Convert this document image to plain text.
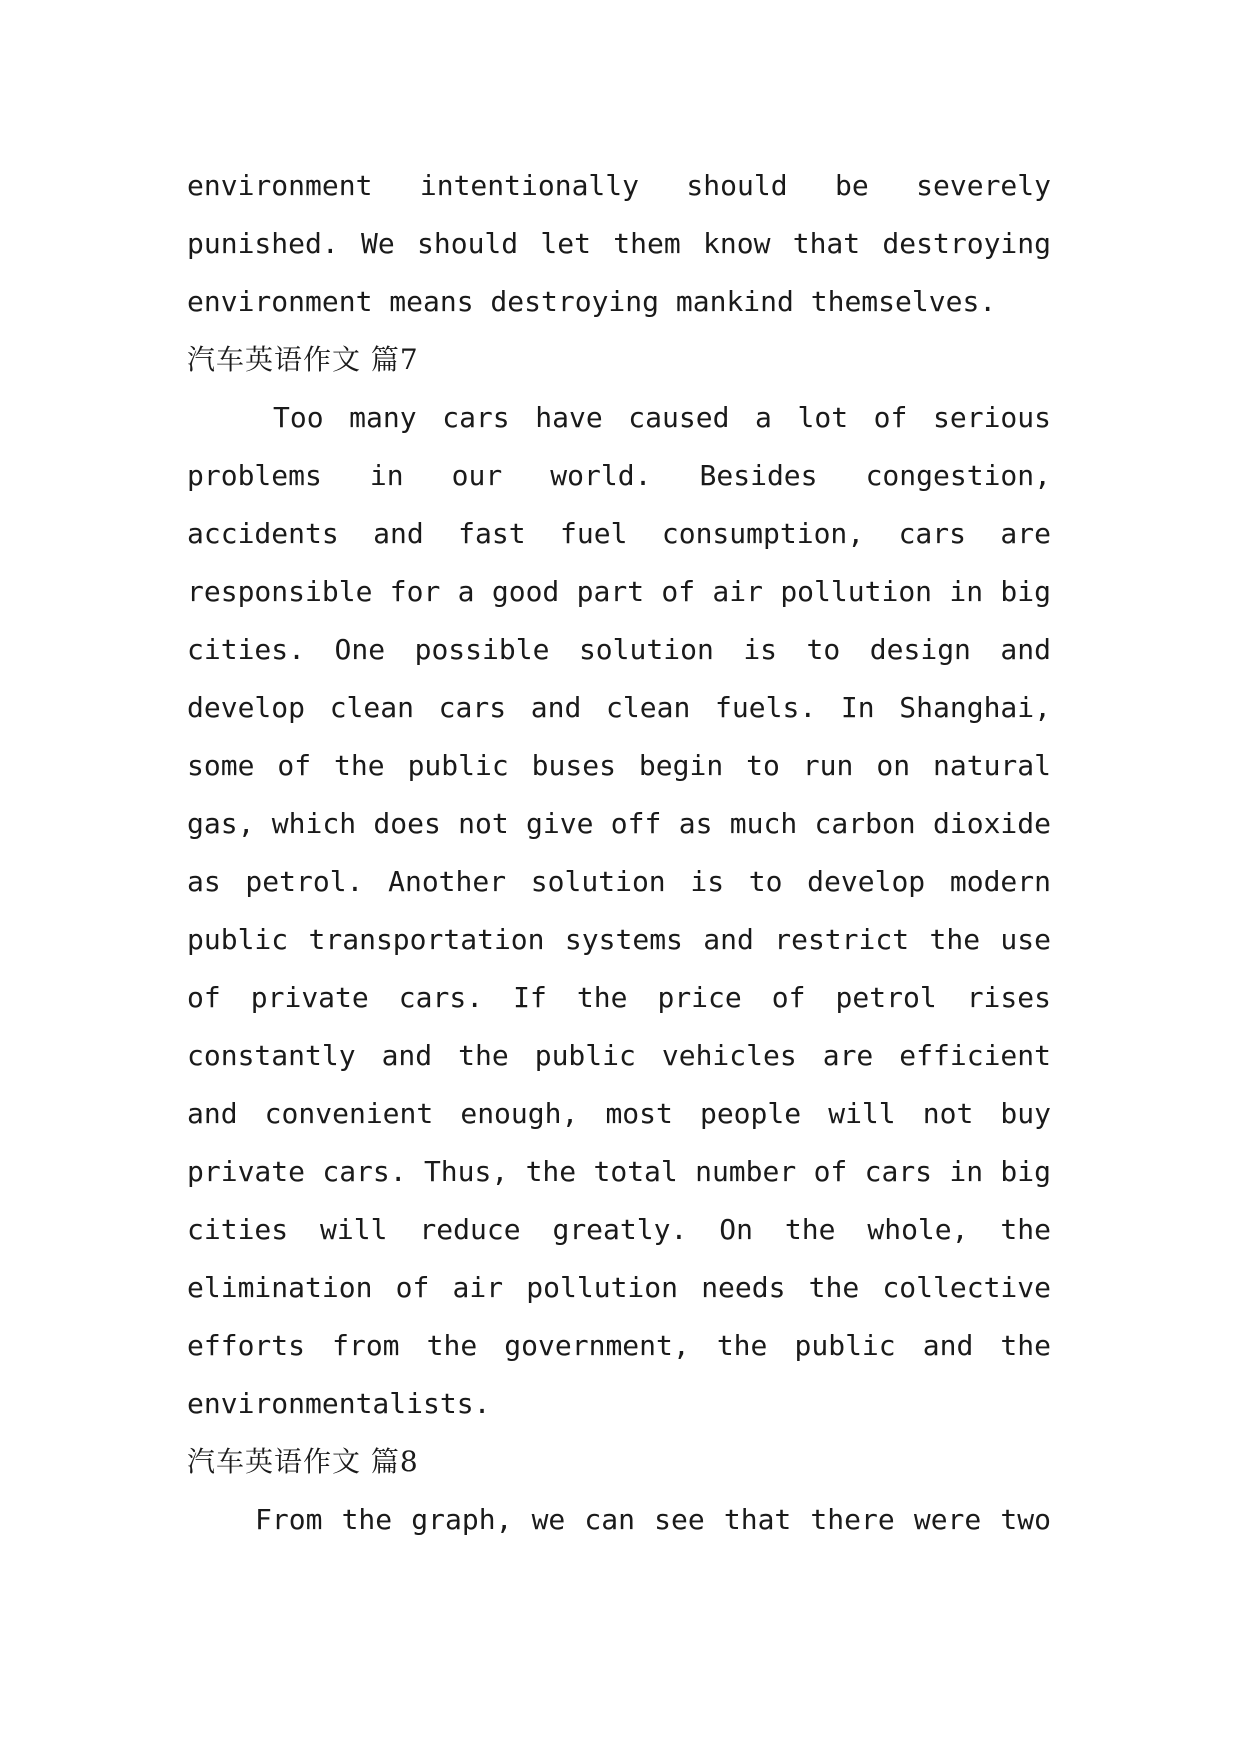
environment intentionally should be severely
punished. We should let them know that destroying
environment means destroying mankind themselves.
汽车英语作文 篇7
Too many cars have caused a lot of serious
problems in our world. Besides congestion,
accidents and fast fuel consumption, cars are
responsible for a good part of air pollution in big
cities. One possible solution is to design and
develop clean cars and clean fuels. In Shanghai,
some of the public buses begin to run on natural
gas, which does not give off as much carbon dioxide
as petrol. Another solution is to develop modern
public transportation systems and restrict the use
of private cars. If the price of petrol rises
constantly and the public vehicles are efficient
and convenient enough, most people will not buy
private cars. Thus, the total number of cars in big
cities will reduce greatly. On the whole, the
elimination of air pollution needs the collective
efforts from the government, the public and the
environmentalists.
汽车英语作文 篇8
From the graph, we can see that there were two
